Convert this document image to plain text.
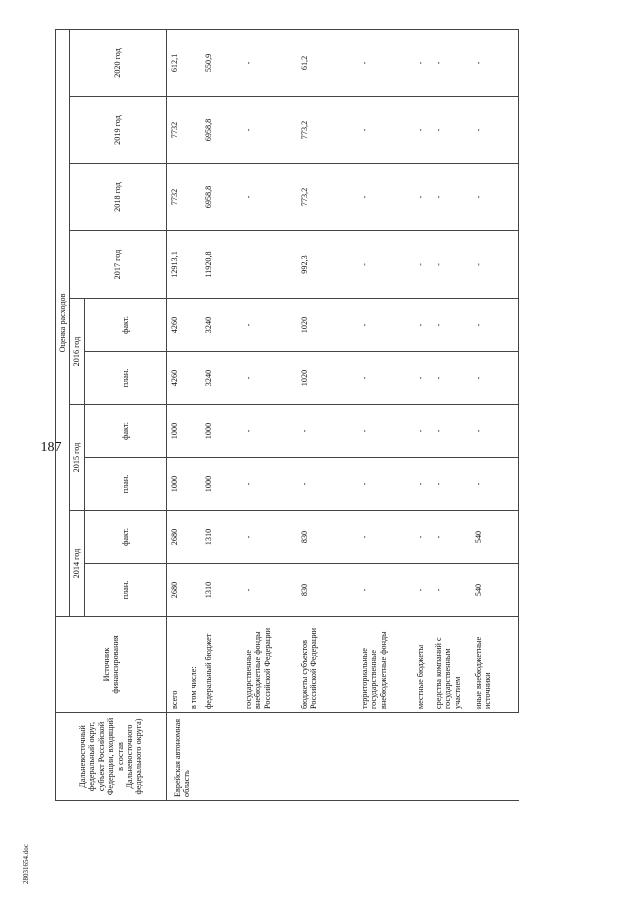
187
28031654.doc
Дальневосточный федеральный округ, субъект Российской Федерации, входящий в состав Дальневосточного федерального округа)	Источник финансирования	Оценка расходов									
		2014 год		2015 год		2016 год		2017 год	2018 год	2019 год	2020 год
		план.	факт.	план.	факт.	план.	факт.				
Еврейская автономная область	всего	2680	2680	1000	1000	4260	4260	12913,1	7732	7732	612,1
	в том числе:										
	федеральный бюджет	1310	1310	1000	1000	3240	3240	11920,8	6958,8	6958,8	550,9
	государственные внебюджетные фонды Российской Федерации	-	-	-	-	-	-		-	-	-
	бюджеты субъектов Российской Федерации	830	830	-	-	1020	1020	992,3	773,2	773,2	61,2
	территориальные государственные внебюджетные фонды	-	-	-	-	-	-	-	-	-	-
	местные бюджеты	-	-	-	-	-	-	-	-	-	-
	средства компаний с государственным участием	-	-	-	-	-	-	-	-	-	-
	иные внебюджетные источники	540	540	-	-	-	-	-	-	-	-
